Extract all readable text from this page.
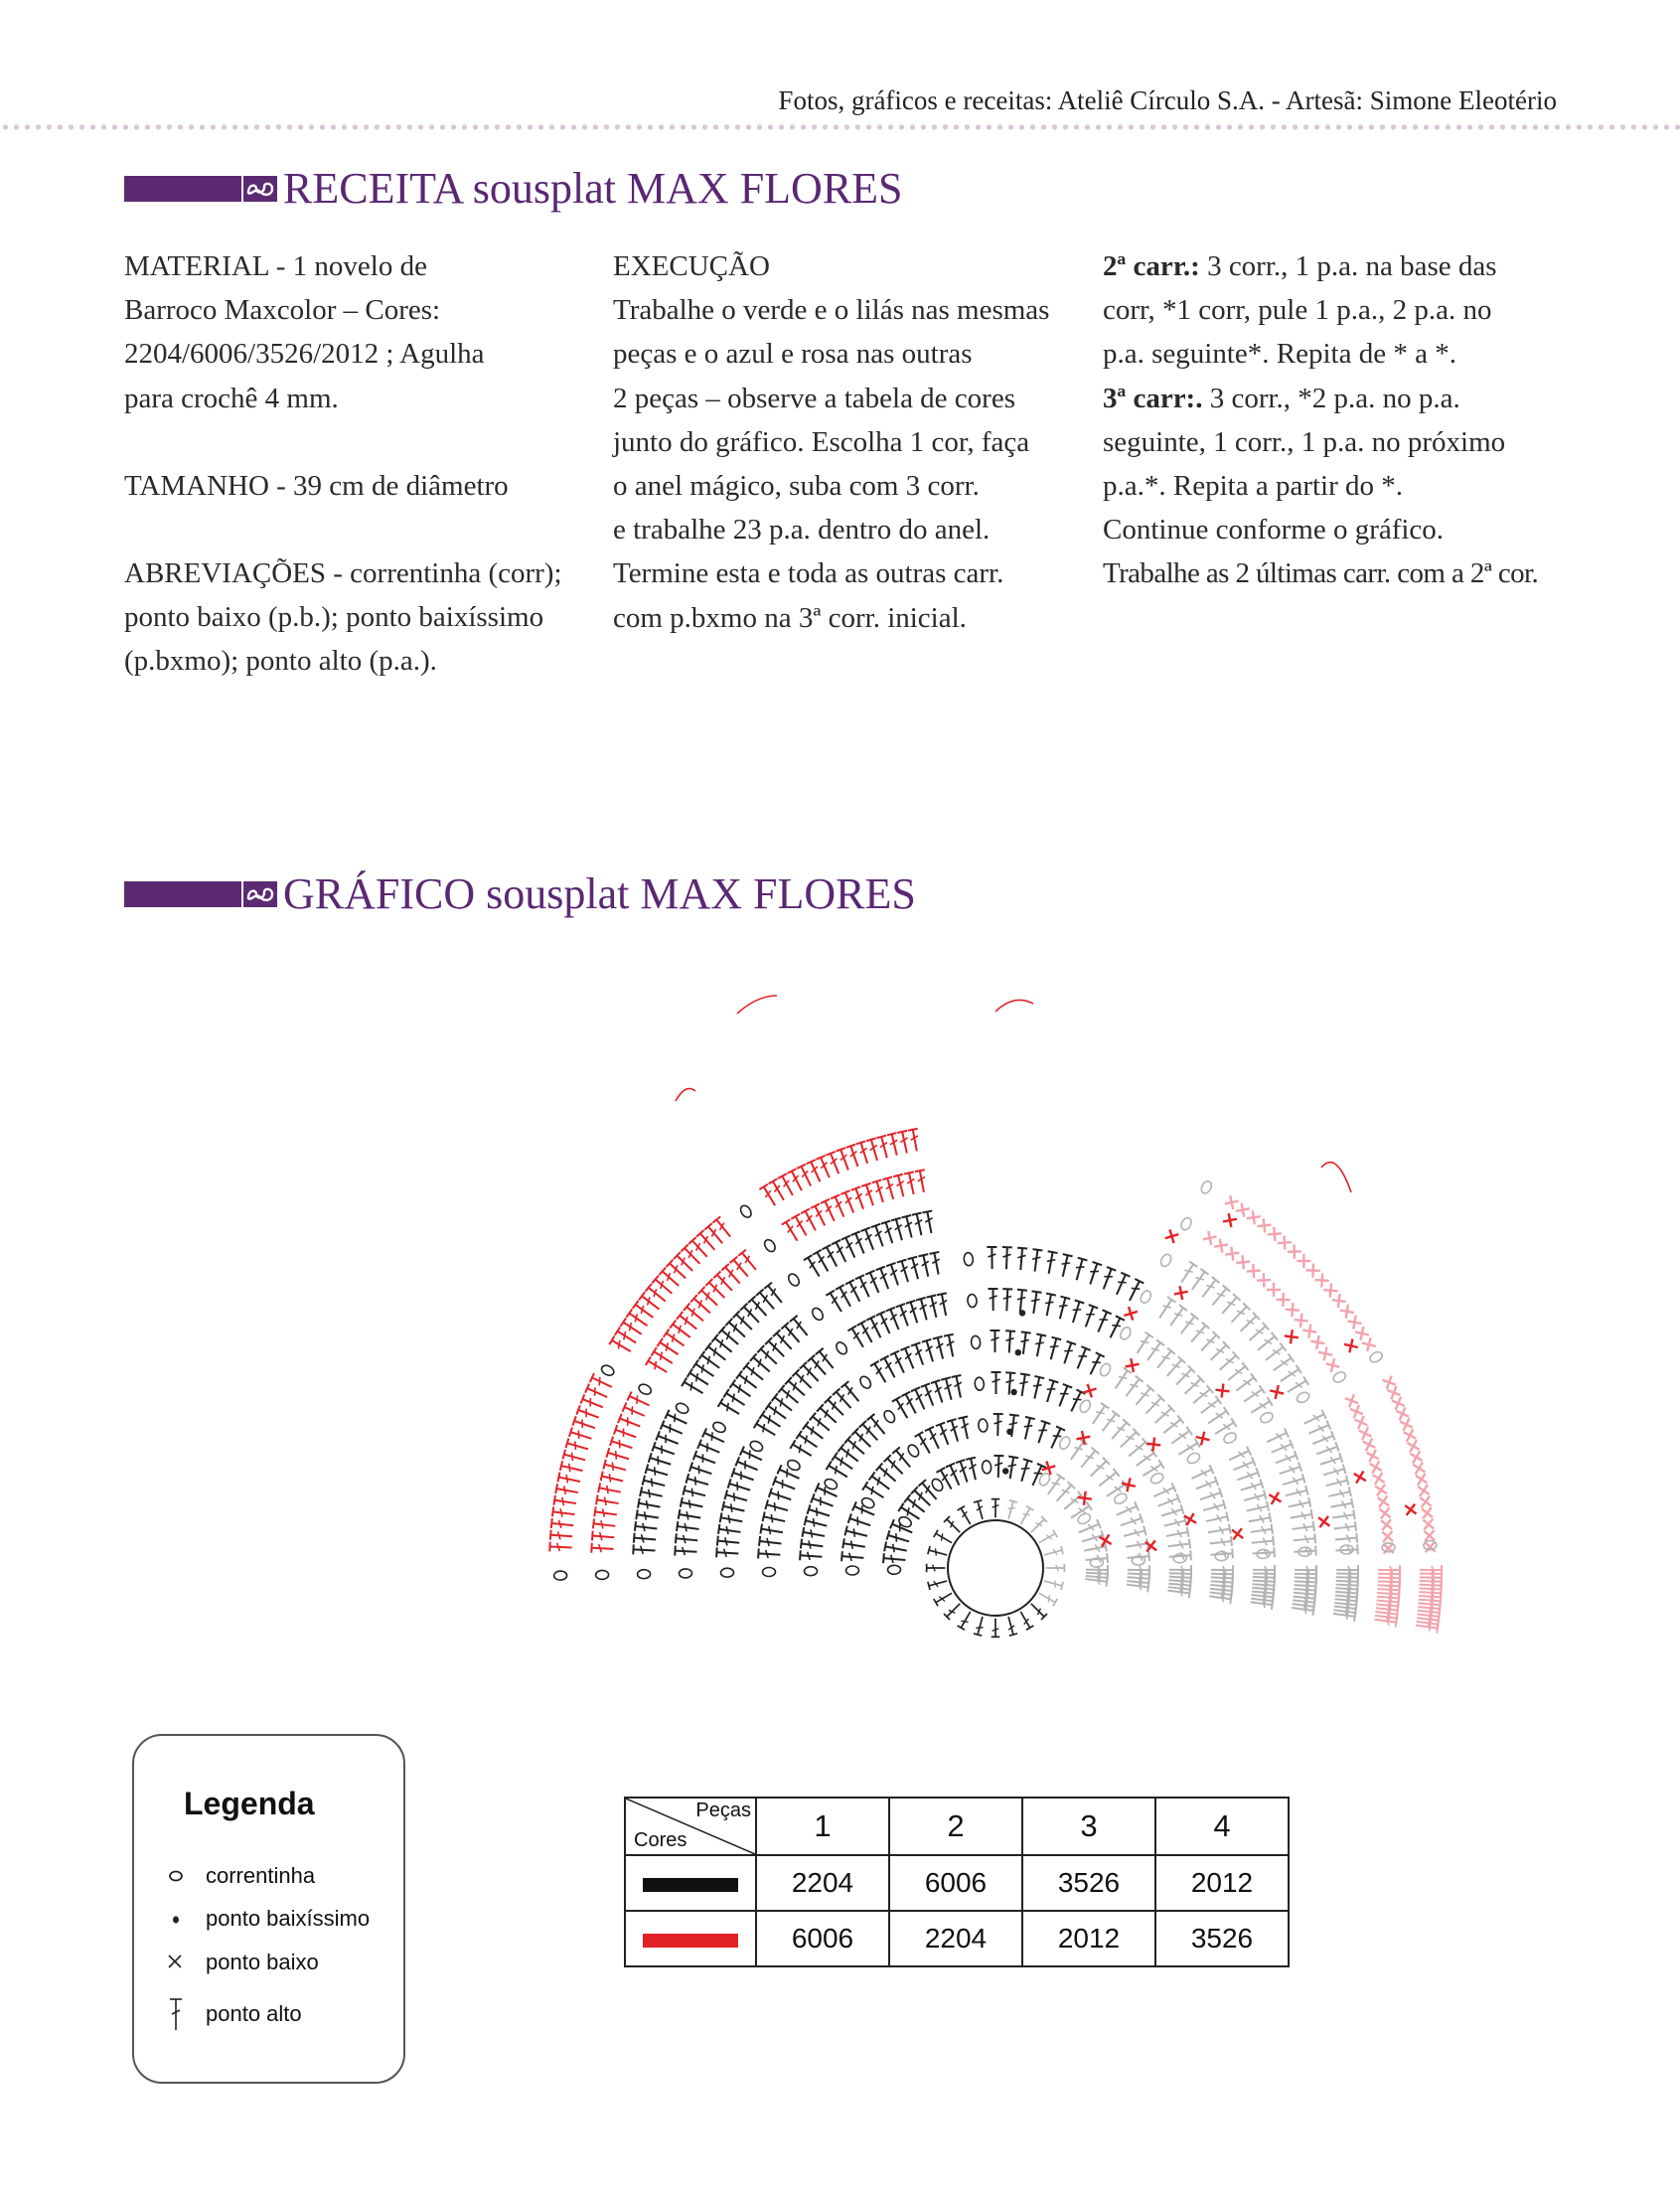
Fotos, gráficos e receitas: Ateliê Círculo S.A. - Artesã: Simone Eleotério
RECEITA sousplat MAX FLORES

MATERIAL - 1 novelo de

Barroco Maxcolor – Cores:

2204/6006/3526/2012 ; Agulha

para crochê 4 mm.

TAMANHO - 39 cm de diâmetro

ABREVIAÇÕES - correntinha (corr);

ponto baixo (p.b.); ponto baixíssimo

(p.bxmo); ponto alto (p.a.).

EXECUÇÃO

Trabalhe o verde e o lilás nas mesmas

peças e o azul e rosa nas outras

2 peças – observe a tabela de cores

junto do gráfico. Escolha 1 cor, faça

o anel mágico, suba com 3 corr.

e trabalhe 23 p.a. dentro do anel.

Termine esta e toda as outras carr.

com p.bxmo na 3ª corr. inicial.

2ª carr.: 3 corr., 1 p.a. na base das

corr, *1 corr, pule 1 p.a., 2 p.a. no

p.a. seguinte*. Repita de * a *.

3ª carr:. 3 corr., *2 p.a. no p.a.

seguinte, 1 corr., 1 p.a. no próximo

p.a.*. Repita a partir do *.

Continue conforme o gráfico.

Trabalhe as 2 últimas carr. com a 2ª cor.

GRÁFICO sousplat MAX FLORES
Legenda
correntinha
ponto baixíssimo
ponto baixo
ponto alto
Peças
Cores	1	2	3	4
	2204	6006	3526	2012
	6006	2204	2012	3526
